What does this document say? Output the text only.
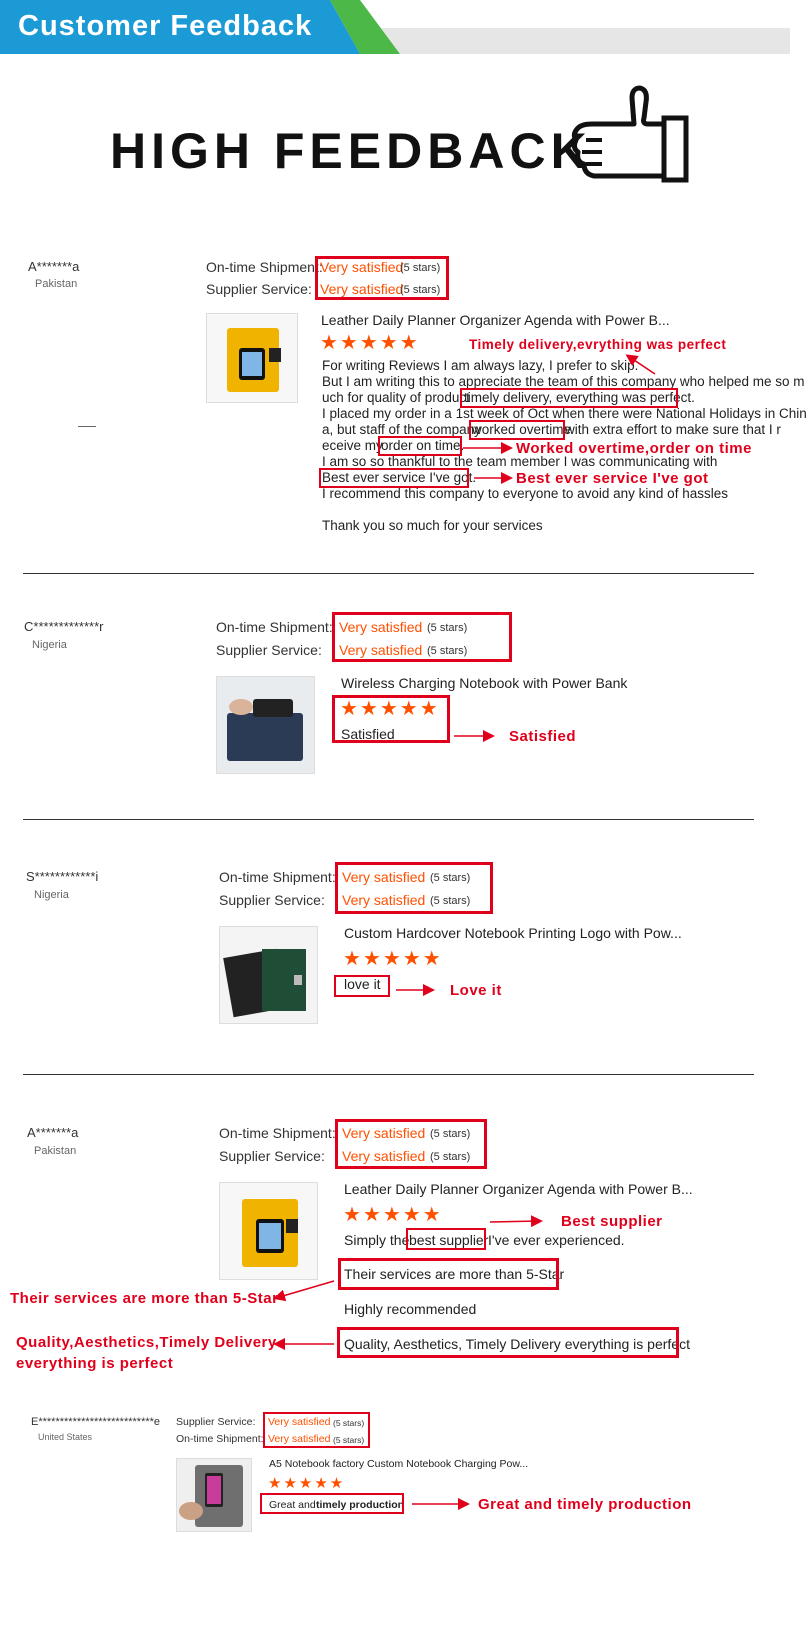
Customer Feedback
HIGH FEEDBACK
A*******a
Pakistan
On-time Shipment:
Supplier Service:
Very satisfied
(5 stars)
Very satisfied
(5 stars)
Leather Daily Planner Organizer Agenda with Power B...
★★★★★
For writing Reviews I am always lazy, I prefer to skip.
But I am writing this to appreciate the team of this company who helped me so m
uch for quality of product
timely delivery, everything was perfect.
I placed my order in a 1st week of Oct when there were National Holidays in Chin
a, but staff of the company
worked overtime
with extra effort to make sure that I r
eceive my
order on time.
I am so so thankful to the team member I was communicating with
Best ever service I've got.
I recommend this company to everyone to avoid any kind of hassles
Thank you so much for your services
Timely delivery,evrything was perfect
Worked overtime,order on time
Best ever service I've got
C*************r
Nigeria
On-time Shipment:
Supplier Service:
Very satisfied (5 stars)
Very satisfied (5 stars)
Wireless Charging Notebook with Power Bank
★★★★★
Satisfied	Satisfied
S************i
Nigeria
On-time Shipment:
Supplier Service:
Very satisfied (5 stars)
Very satisfied (5 stars)
Custom Hardcover Notebook Printing Logo with Pow...
★★★★★
love it	Love it
A*******a
Pakistan
On-time Shipment:
Supplier Service:
Very satisfied (5 stars)
Very satisfied (5 stars)
Leather Daily Planner Organizer Agenda with Power B...
★★★★★
Simply the best supplier I've ever experienced.
Best supplier
Their services are more than 5-Star
Their services are more than 5-Star
Highly recommended
Quality, Aesthetics, Timely Delivery everything is perfect
Quality,Aesthetics,Timely Delivery
everything is perfect
E***************************e
United States
Supplier Service:
On-time Shipment:
Very satisfied (5 stars)
Very satisfied (5 stars)
A5 Notebook factory Custom Notebook Charging Pow...
★★★★★
Great and timely production	Great and timely production
